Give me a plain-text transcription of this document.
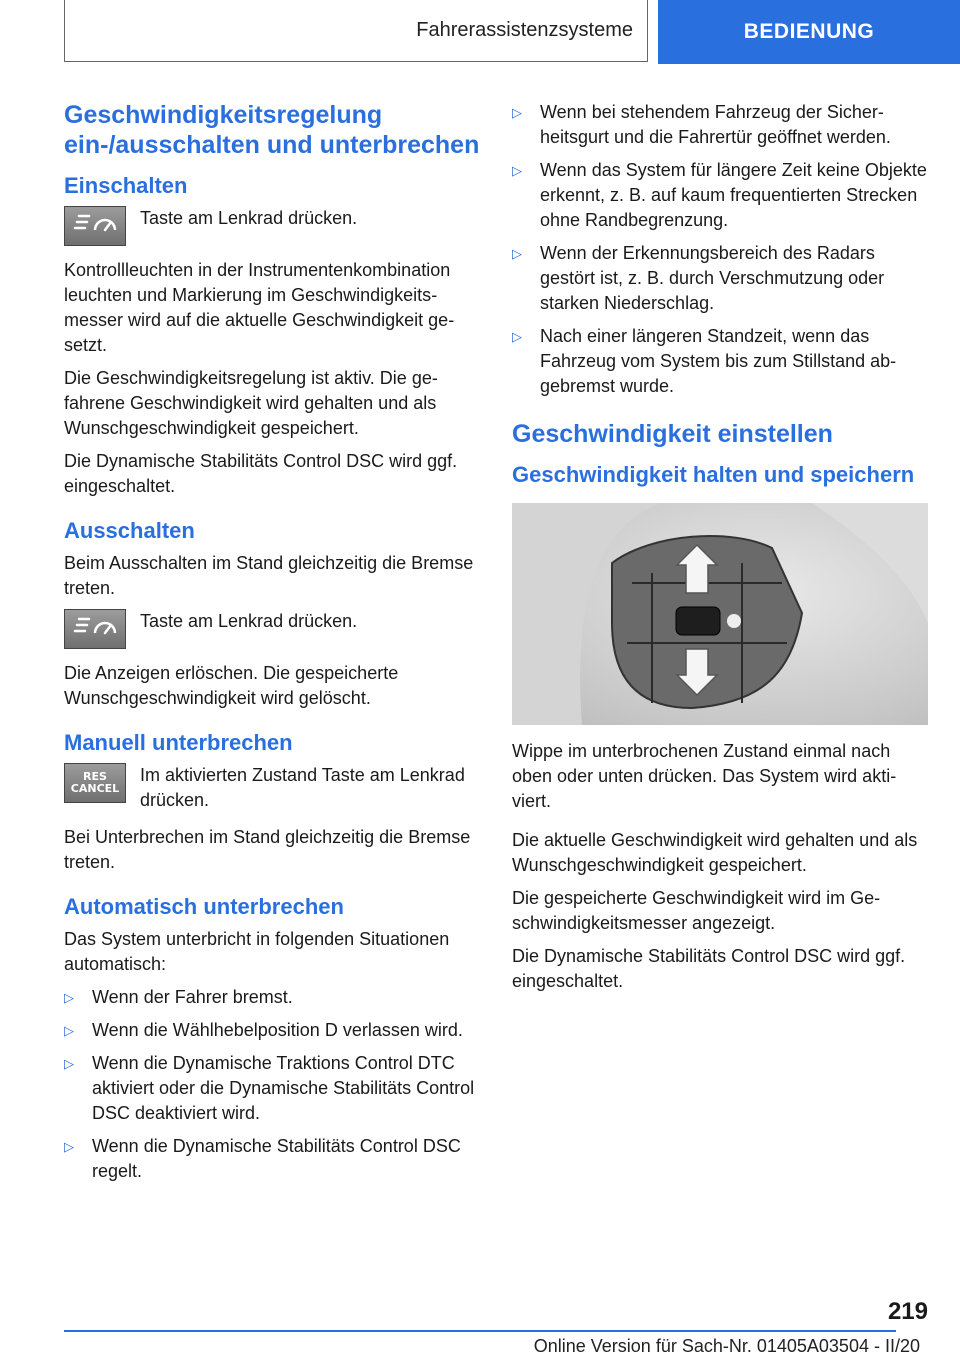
Fahrerassistenzsysteme	BEDIENUNG
Geschwindigkeitsregelung ein-/ausschalten und unterbrechen
Einschalten

Taste am Lenkrad drücken.

Kontrollleuchten in der Instrumentenkombination leuchten und Markierung im Geschwindigkeitsmesser wird auf die aktuelle Geschwindigkeit gesetzt.

Die Geschwindigkeitsregelung ist aktiv. Die gefahrene Geschwindigkeit wird gehalten und als Wunschgeschwindigkeit gespeichert.

Die Dynamische Stabilitäts Control DSC wird ggf. eingeschaltet.

Ausschalten

Beim Ausschalten im Stand gleichzeitig die Bremse treten.

Taste am Lenkrad drücken.

Die Anzeigen erlöschen. Die gespeicherte Wunschgeschwindigkeit wird gelöscht.

Manuell unterbrechen
RES
CANCEL

Im aktivierten Zustand Taste am Lenkrad drücken.

Bei Unterbrechen im Stand gleichzeitig die Bremse treten.

Automatisch unterbrechen

Das System unterbricht in folgenden Situationen automatisch:

▷	Wenn der Fahrer bremst.
▷	Wenn die Wählhebelposition D verlassen wird.
▷	Wenn die Dynamische Traktions Control DTC aktiviert oder die Dynamische Stabilitäts Control DSC deaktiviert wird.
▷	Wenn die Dynamische Stabilitäts Control DSC regelt.
▷	Wenn bei stehendem Fahrzeug der Sicherheitsgurt und die Fahrertür geöffnet werden.
▷	Wenn das System für längere Zeit keine Objekte erkennt, z. B. auf kaum frequentierten Strecken ohne Randbegrenzung.
▷	Wenn der Erkennungsbereich des Radars gestört ist, z. B. durch Verschmutzung oder starken Niederschlag.
▷	Nach einer längeren Standzeit, wenn das Fahrzeug vom System bis zum Stillstand abgebremst wurde.
Geschwindigkeit einstellen
Geschwindigkeit halten und speichern

Wippe im unterbrochenen Zustand einmal nach oben oder unten drücken. Das System wird aktiviert.

Die aktuelle Geschwindigkeit wird gehalten und als Wunschgeschwindigkeit gespeichert.

Die gespeicherte Geschwindigkeit wird im Geschwindigkeitsmesser angezeigt.

Die Dynamische Stabilitäts Control DSC wird ggf. eingeschaltet.

219
Online Version für Sach-Nr. 01405A03504 - II/20
